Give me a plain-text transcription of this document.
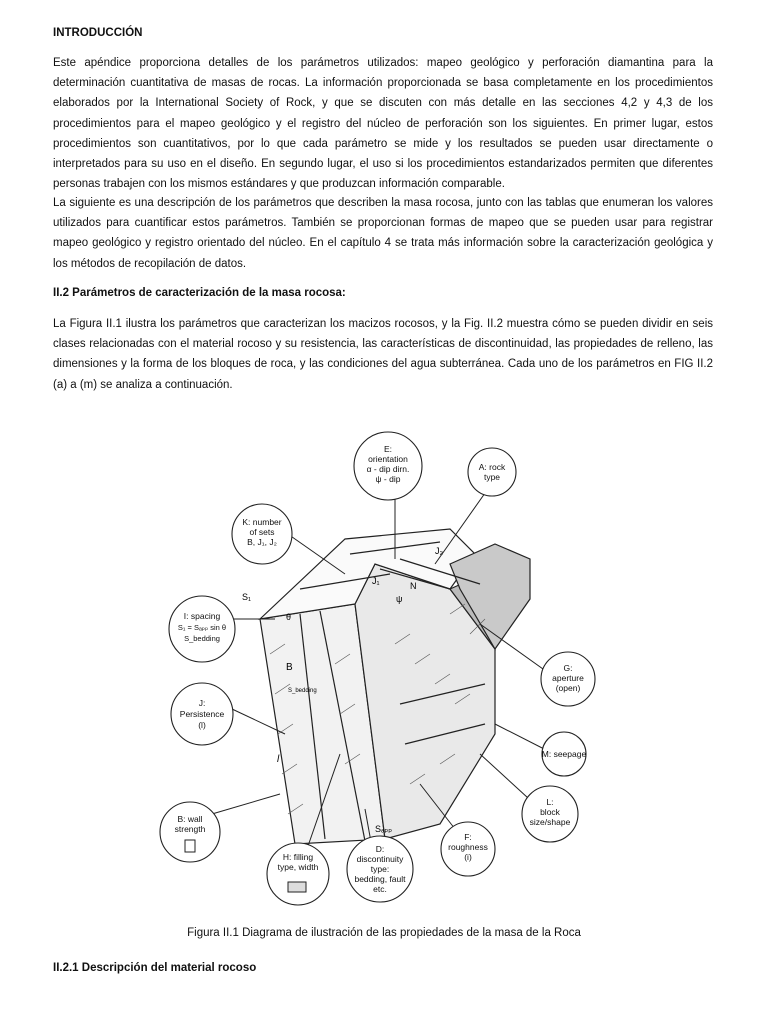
INTRODUCCIÓN
Este apéndice proporciona detalles de los parámetros utilizados: mapeo geológico y perforación diamantina para la determinación cuantitativa de masas de rocas. La información proporcionada se basa completamente en los procedimientos elaborados por la International Society of Rock, y que se discuten con más detalle en las secciones 4,2 y 4,3 de los procedimientos para el mapeo geológico y el registro del núcleo de perforación son los siguientes. En primer lugar, estos procedimientos son cuantitativos, por lo que cada parámetro se mide y los resultados se pueden usar directamente o interpretados para su uso en el diseño. En segundo lugar, el uso si los procedimientos estandarizados permiten que diferentes personas trabajen con los mismos estándares y que produzcan información comparable.
La siguiente es una descripción de los parámetros que describen la masa rocosa, junto con las tablas que enumeran los valores utilizados para cuantificar estos parámetros. También se proporcionan formas de mapeo que se pueden usar para registrar mapeo geológico y registro orientado del núcleo. En el capítulo 4 se trata más información sobre la caracterización geológica y los métodos de recopilación de datos.
II.2 Parámetros de caracterización de la masa rocosa:
La Figura II.1 ilustra los parámetros que caracterizan los macizos rocosos, y la Fig. II.2 muestra cómo se pueden dividir en seis clases relacionadas con el material rocoso y su resistencia, las características de discontinuidad, las propiedades de relleno, las dimensiones y la forma de los bloques de roca, y las condiciones del agua subterránea. Cada uno de los parámetros en FIG II.2 (a) a (m) se analiza a continuación.
B
J₁
J₂
S₁
θ
N
ψ
l
Sₐₚₚ
S_bedding
E:
orientation
α - dip dirn.
ψ - dip
A: rock
type
K: number
of sets
B, J₁, J₂
I: spacing
S₁ = Sₐₚₚ sin θ
S_bedding
J:
Persistence
(l)
G:
aperture
(open)
M: seepage
L:
block
size/shape
F:
roughness
(i)
D:
discontinuity
type:
bedding, fault
etc.
H: filling
type, width
B: wall
strength
Figura II.1 Diagrama de ilustración de las propiedades de la masa de la Roca
II.2.1 Descripción del material rocoso
